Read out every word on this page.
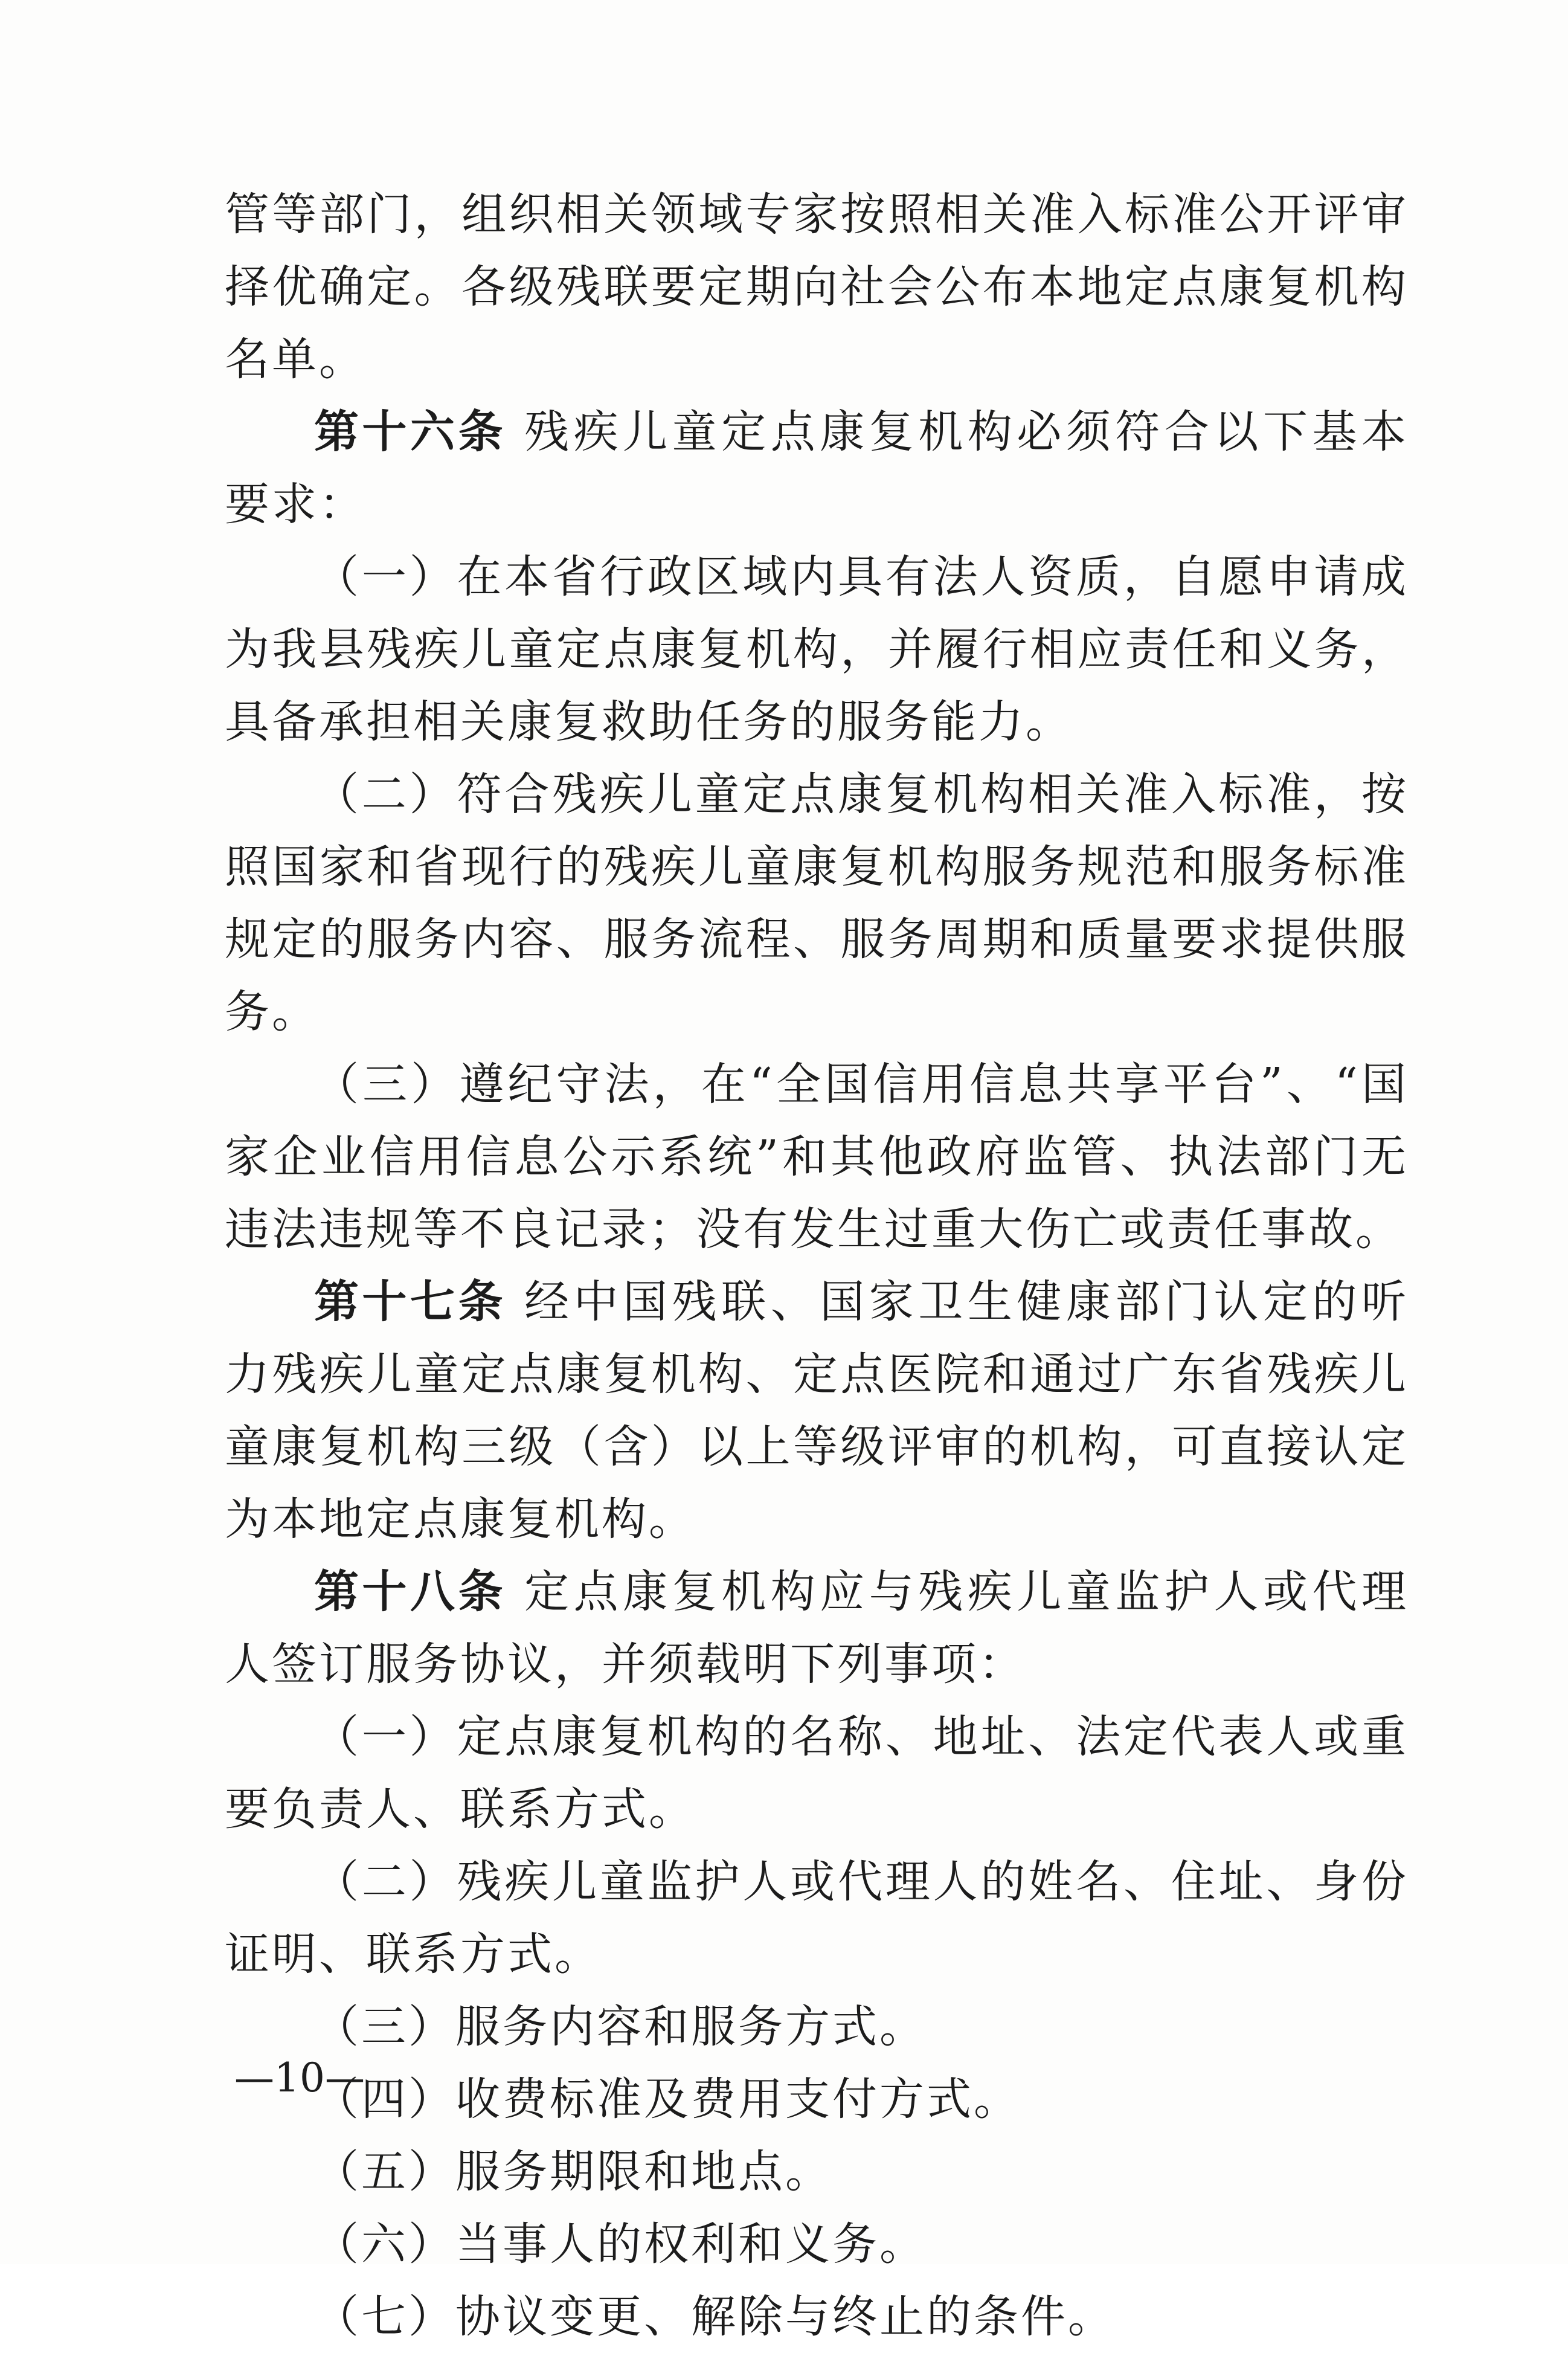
管等部门，组织相关领域专家按照相关准入标准公开评审择优确定。各级残联要定期向社会公布本地定点康复机构名单。

第十六条 残疾儿童定点康复机构必须符合以下基本要求：

（一）在本省行政区域内具有法人资质，自愿申请成为我县残疾儿童定点康复机构，并履行相应责任和义务，具备承担相关康复救助任务的服务能力。

（二）符合残疾儿童定点康复机构相关准入标准，按照国家和省现行的残疾儿童康复机构服务规范和服务标准规定的服务内容、服务流程、服务周期和质量要求提供服务。

（三）遵纪守法，在“全国信用信息共享平台”、“国家企业信用信息公示系统”和其他政府监管、执法部门无违法违规等不良记录；没有发生过重大伤亡或责任事故。

第十七条 经中国残联、国家卫生健康部门认定的听力残疾儿童定点康复机构、定点医院和通过广东省残疾儿童康复机构三级（含）以上等级评审的机构，可直接认定为本地定点康复机构。

第十八条 定点康复机构应与残疾儿童监护人或代理人签订服务协议，并须载明下列事项：

（一）定点康复机构的名称、地址、法定代表人或重要负责人、联系方式。

（二）残疾儿童监护人或代理人的姓名、住址、身份证明、联系方式。

（三）服务内容和服务方式。

（四）收费标准及费用支付方式。

（五）服务期限和地点。

（六）当事人的权利和义务。

（七）协议变更、解除与终止的条件。

—10—
